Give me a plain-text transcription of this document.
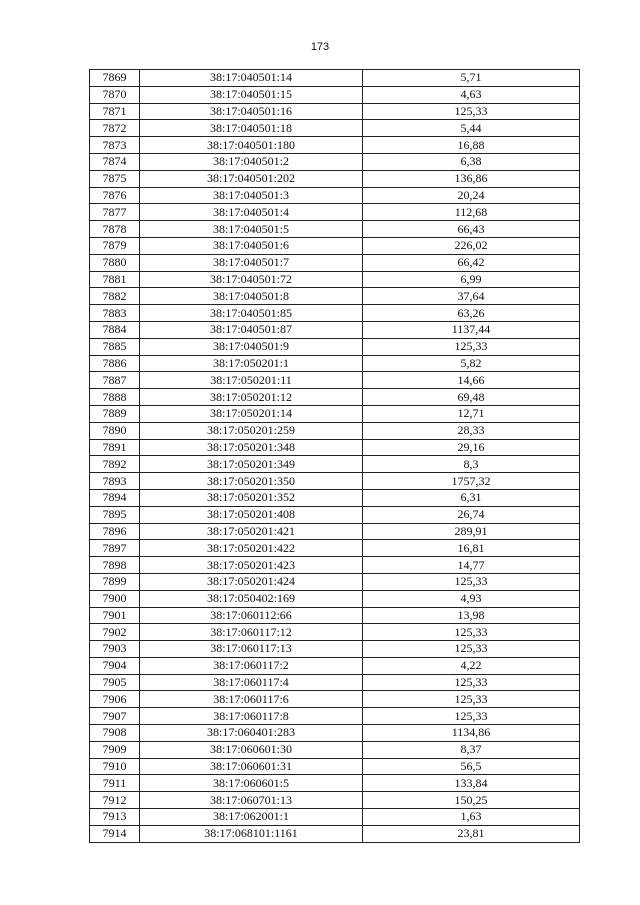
173
7869	38:17:040501:14	5,71
7870	38:17:040501:15	4,63
7871	38:17:040501:16	125,33
7872	38:17:040501:18	5,44
7873	38:17:040501:180	16,88
7874	38:17:040501:2	6,38
7875	38:17:040501:202	136,86
7876	38:17:040501:3	20,24
7877	38:17:040501:4	112,68
7878	38:17:040501:5	66,43
7879	38:17:040501:6	226,02
7880	38:17:040501:7	66,42
7881	38:17:040501:72	6,99
7882	38:17:040501:8	37,64
7883	38:17:040501:85	63,26
7884	38:17:040501:87	1137,44
7885	38:17:040501:9	125,33
7886	38:17:050201:1	5,82
7887	38:17:050201:11	14,66
7888	38:17:050201:12	69,48
7889	38:17:050201:14	12,71
7890	38:17:050201:259	28,33
7891	38:17:050201:348	29,16
7892	38:17:050201:349	8,3
7893	38:17:050201:350	1757,32
7894	38:17:050201:352	6,31
7895	38:17:050201:408	26,74
7896	38:17:050201:421	289,91
7897	38:17:050201:422	16,81
7898	38:17:050201:423	14,77
7899	38:17:050201:424	125,33
7900	38:17:050402:169	4,93
7901	38:17:060112:66	13,98
7902	38:17:060117:12	125,33
7903	38:17:060117:13	125,33
7904	38:17:060117:2	4,22
7905	38:17:060117:4	125,33
7906	38:17:060117:6	125,33
7907	38:17:060117:8	125,33
7908	38:17:060401:283	1134,86
7909	38:17:060601:30	8,37
7910	38:17:060601:31	56,5
7911	38:17:060601:5	133,84
7912	38:17:060701:13	150,25
7913	38:17:062001:1	1,63
7914	38:17:068101:1161	23,81
